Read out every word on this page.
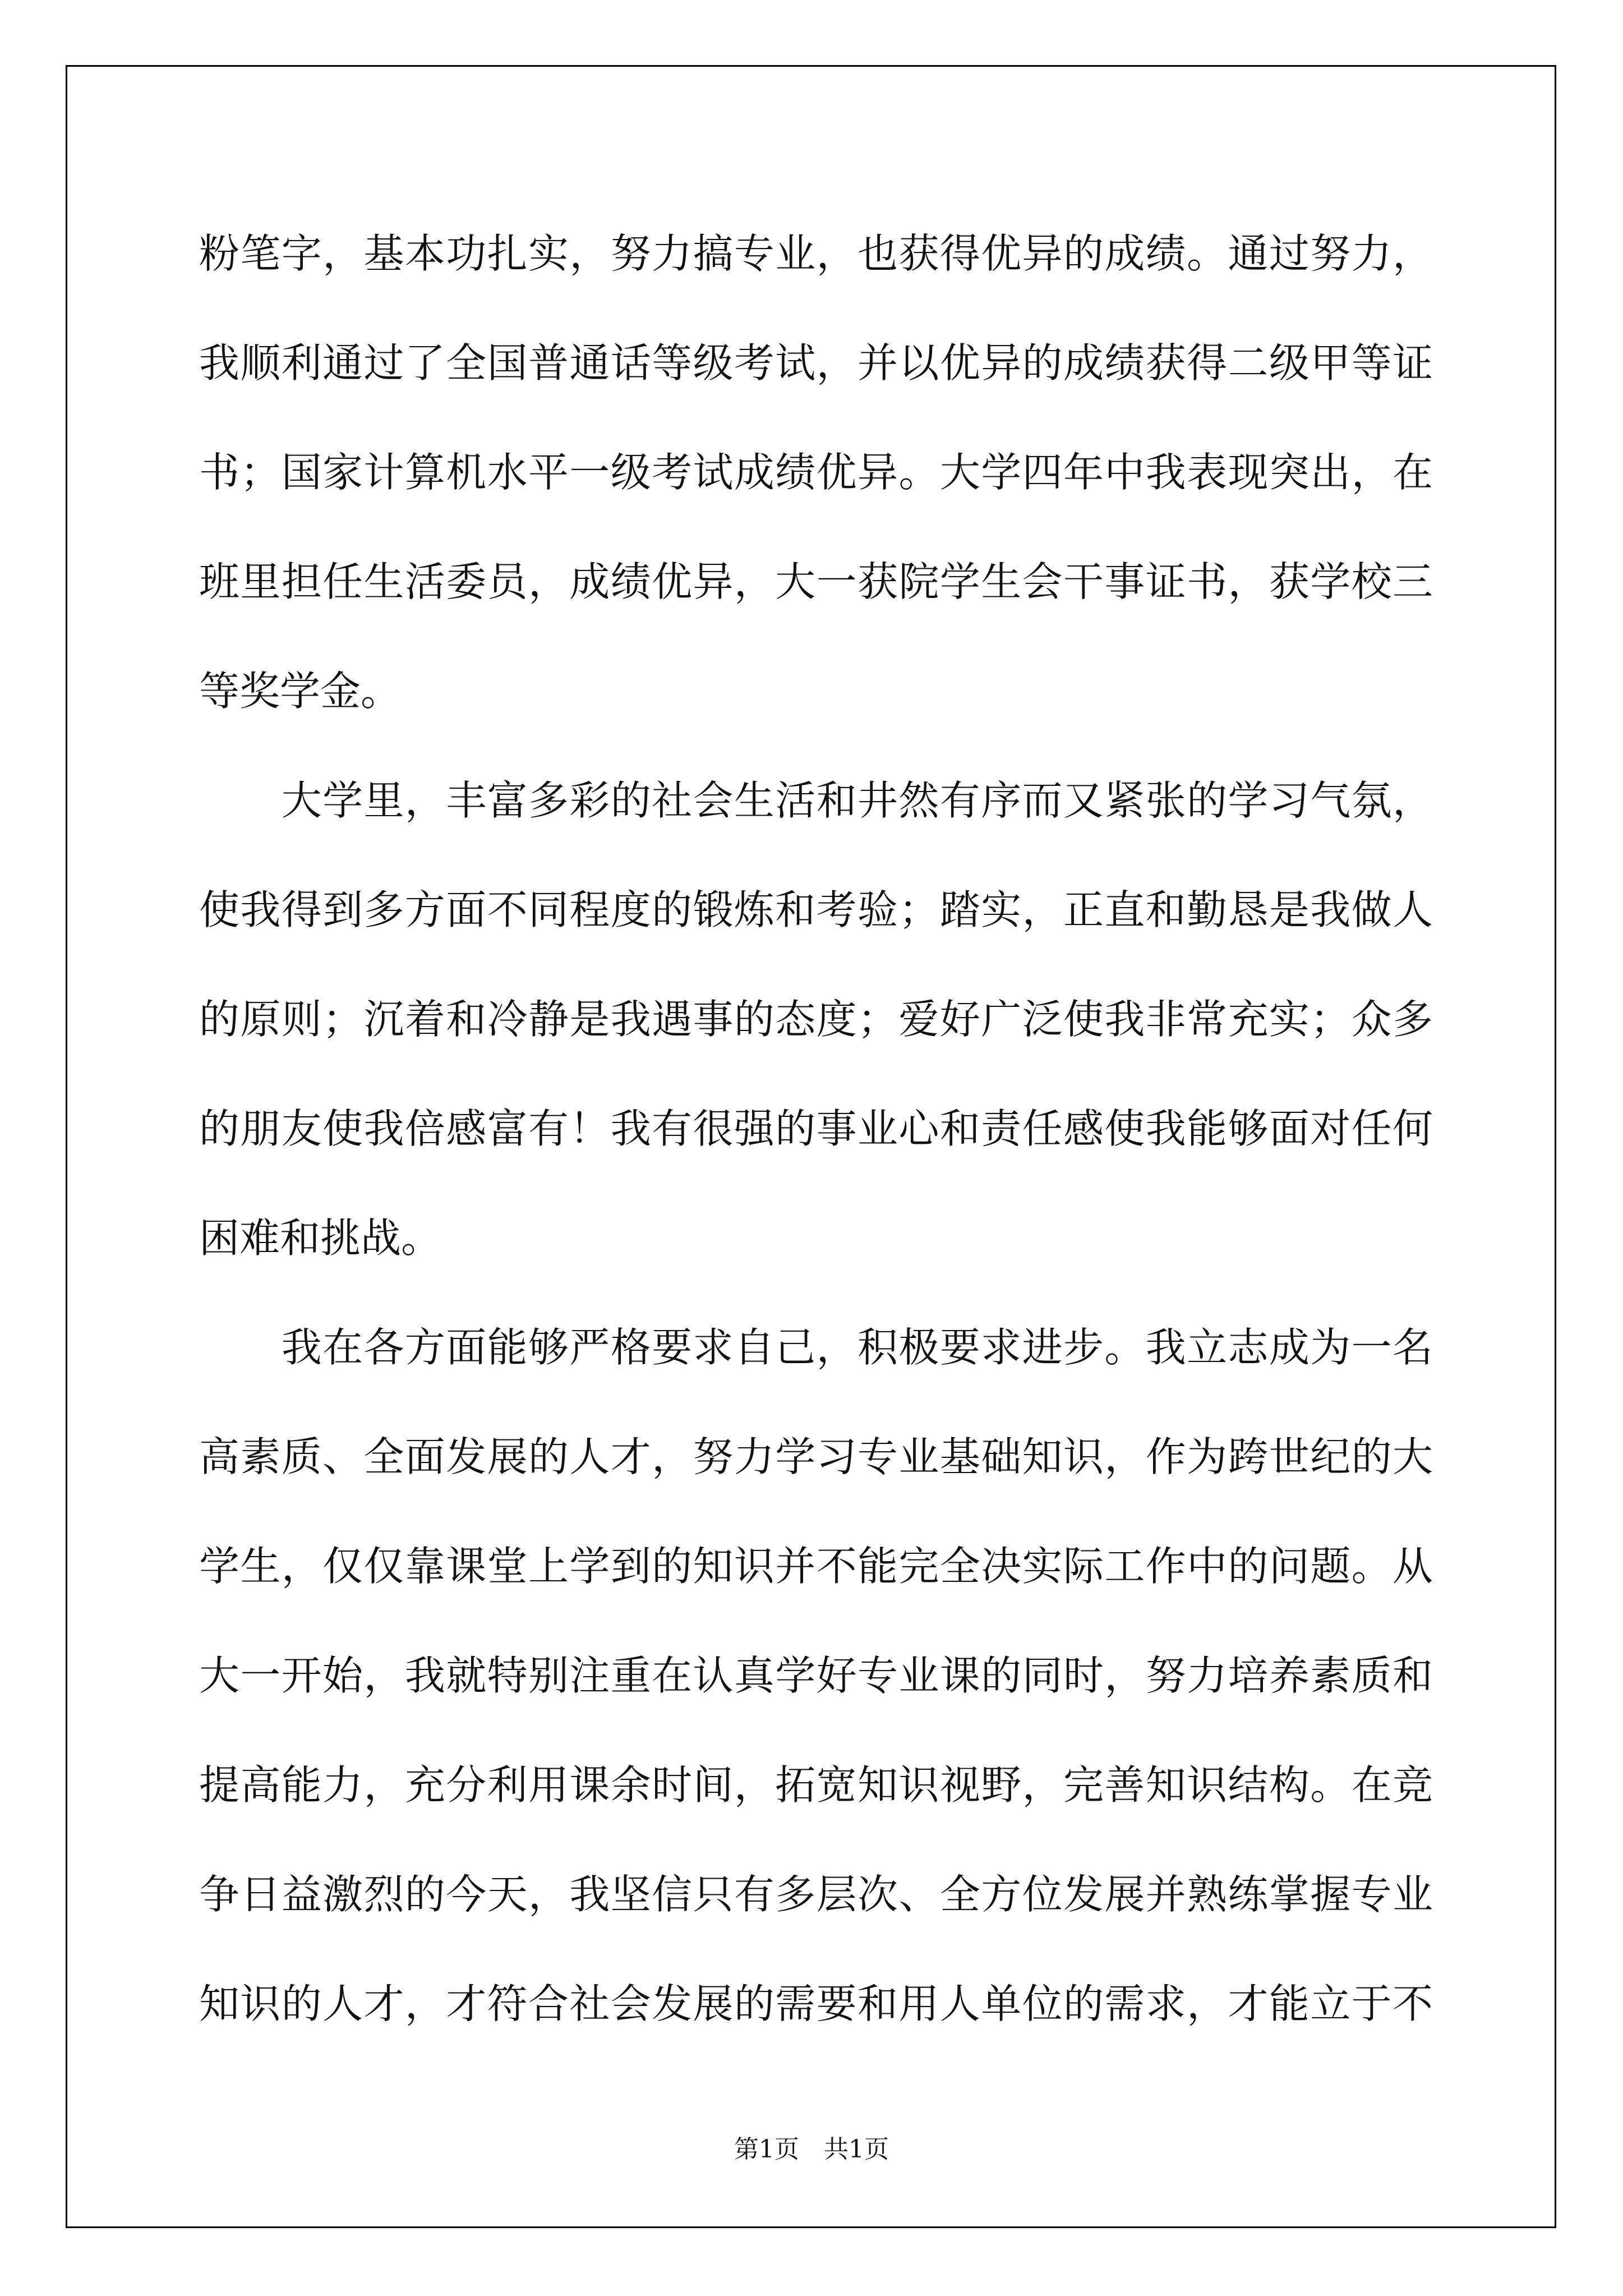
粉笔字，基本功扎实，努力搞专业，也获得优异的成绩。通过努力，
我顺利通过了全国普通话等级考试，并以优异的成绩获得二级甲等证
书；国家计算机水平一级考试成绩优异。大学四年中我表现突出，在
班里担任生活委员，成绩优异，大一获院学生会干事证书，获学校三
等奖学金。
　　大学里，丰富多彩的社会生活和井然有序而又紧张的学习气氛，
使我得到多方面不同程度的锻炼和考验；踏实，正直和勤恳是我做人
的原则；沉着和冷静是我遇事的态度；爱好广泛使我非常充实；众多
的朋友使我倍感富有！我有很强的事业心和责任感使我能够面对任何
困难和挑战。
　　我在各方面能够严格要求自己，积极要求进步。我立志成为一名
高素质、全面发展的人才，努力学习专业基础知识，作为跨世纪的大
学生，仅仅靠课堂上学到的知识并不能完全决实际工作中的问题。从
大一开始，我就特别注重在认真学好专业课的同时，努力培养素质和
提高能力，充分利用课余时间，拓宽知识视野，完善知识结构。在竞
争日益激烈的今天，我坚信只有多层次、全方位发展并熟练掌握专业
知识的人才，才符合社会发展的需要和用人单位的需求，才能立于不
第1页　共1页
